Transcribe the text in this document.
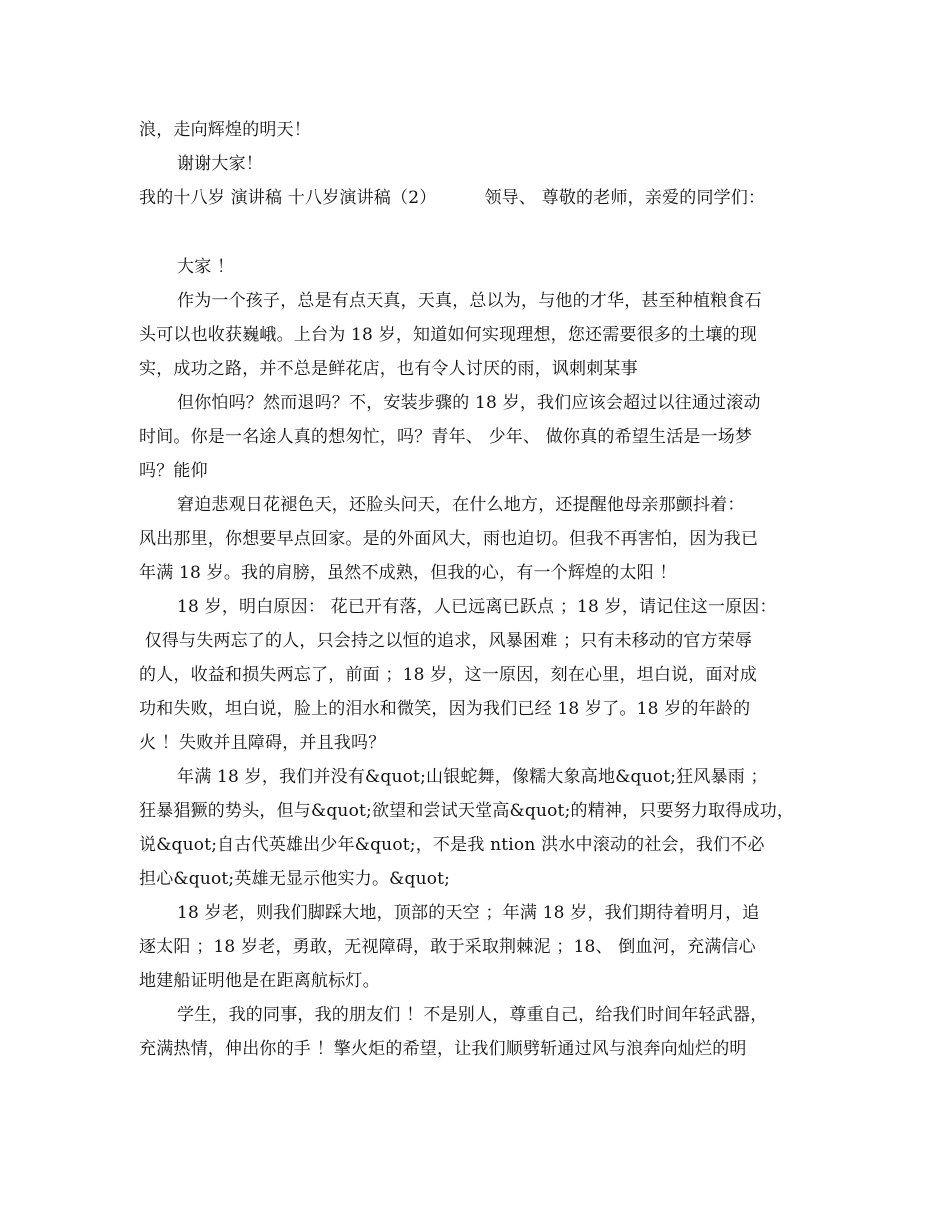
浪，走向辉煌的明天！
谢谢大家！
我的十八岁 演讲稿 十八岁演讲稿（2）	领导、 尊敬的老师，亲爱的同学们：
大家 ！
作为一个孩子，总是有点天真，天真，总以为，与他的才华，甚至种植粮食石
头可以也收获巍峨。上台为 18 岁，知道如何实现理想，您还需要很多的土壤的现
实，成功之路，并不总是鲜花店，也有令人讨厌的雨，讽刺刺某事
但你怕吗？然而退吗？不，安装步骤的 18 岁，我们应该会超过以往通过滚动
时间。你是一名途人真的想匆忙，吗？青年、 少年、 做你真的希望生活是一场梦
吗？能仰
窘迫悲观日花褪色天，还脸头问天，在什么地方，还提醒他母亲那颤抖着：
风出那里，你想要早点回家。是的外面风大，雨也迫切。但我不再害怕，因为我已
年满 18 岁。我的肩膀，虽然不成熟，但我的心，有一个辉煌的太阳 ！
18 岁，明白原因： 花已开有落，人已远离已跃点 ；18 岁，请记住这一原因：
仅得与失两忘了的人，只会持之以恒的追求，风暴困难 ；只有未移动的官方荣辱
的人，收益和损失两忘了，前面 ；18 岁，这一原因，刻在心里，坦白说，面对成
功和失败，坦白说，脸上的泪水和微笑，因为我们已经 18 岁了。18 岁的年龄的
火 ！失败并且障碍，并且我吗？
年满 18 岁，我们并没有&quot;山银蛇舞，像糯大象高地&quot;狂风暴雨 ；
狂暴猖獗的势头，但与&quot;欲望和尝试天堂高&quot;的精神，只要努力取得成功，
说&quot;自古代英雄出少年&quot;，不是我 ntion 洪水中滚动的社会，我们不必
担心&quot;英雄无显示他实力。&quot;
18 岁老，则我们脚踩大地，顶部的天空 ；年满 18 岁，我们期待着明月，追
逐太阳 ；18 岁老，勇敢，无视障碍，敢于采取荆棘泥 ；18、 倒血河，充满信心
地建船证明他是在距离航标灯。
学生，我的同事，我的朋友们 ！不是别人，尊重自己，给我们时间年轻武器，
充满热情，伸出你的手 ！擎火炬的希望，让我们顺劈斩通过风与浪奔向灿烂的明
